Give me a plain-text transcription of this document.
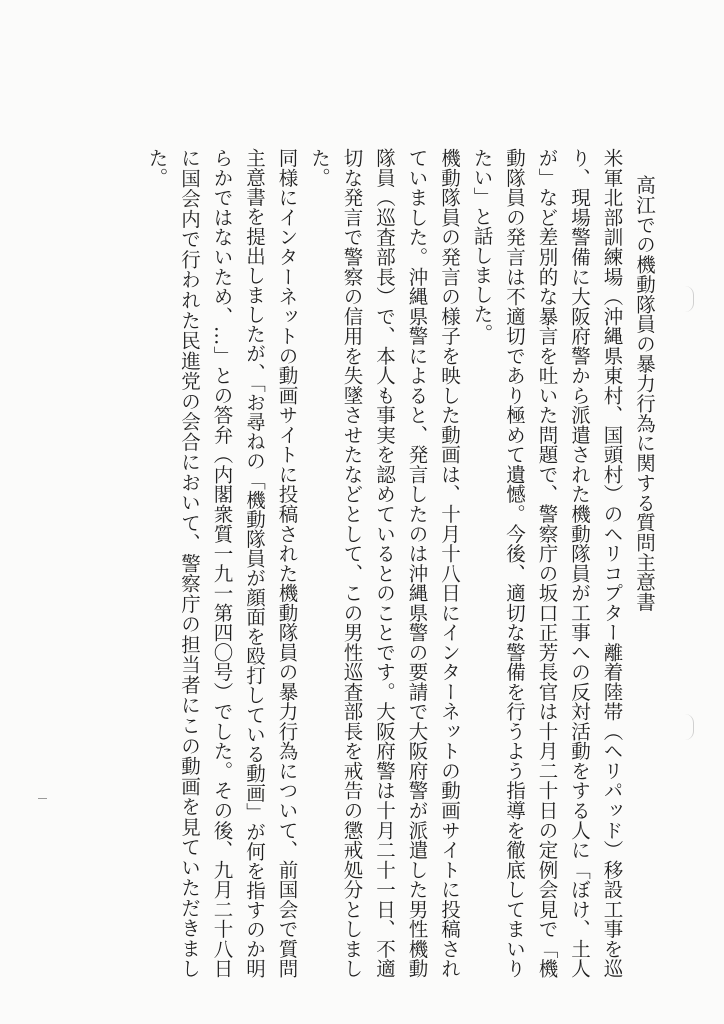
高江での機動隊員の暴力行為に関する質問主意書

米軍北部訓練場（沖縄県東村、国頭村）のヘリコプター離着陸帯（ヘリパッド）移設工事を巡り、現場警備に大阪府警から派遣された機動隊員が工事への反対活動をする人に「ぼけ、土人が」など差別的な暴言を吐いた問題で、警察庁の坂口正芳長官は十月二十日の定例会見で「機動隊員の発言は不適切であり極めて遺憾。今後、適切な警備を行うよう指導を徹底してまいりたい」と話しました。

機動隊員の発言の様子を映した動画は、十月十八日にインターネットの動画サイトに投稿されていました。沖縄県警によると、発言したのは沖縄県警の要請で大阪府警が派遣した男性機動隊員（巡査部長）で、本人も事実を認めているとのことです。大阪府警は十月二十一日、不適切な発言で警察の信用を失墜させたなどとして、この男性巡査部長を戒告の懲戒処分としました。

同様にインターネットの動画サイトに投稿された機動隊員の暴力行為について、前国会で質問主意書を提出しましたが、「お尋ねの「機動隊員が顔面を殴打している動画」が何を指すのか明らかではないため、…」との答弁（内閣衆質一九一第四〇号）でした。その後、九月二十八日に国会内で行われた民進党の会合において、警察庁の担当者にこの動画を見ていただきました。
